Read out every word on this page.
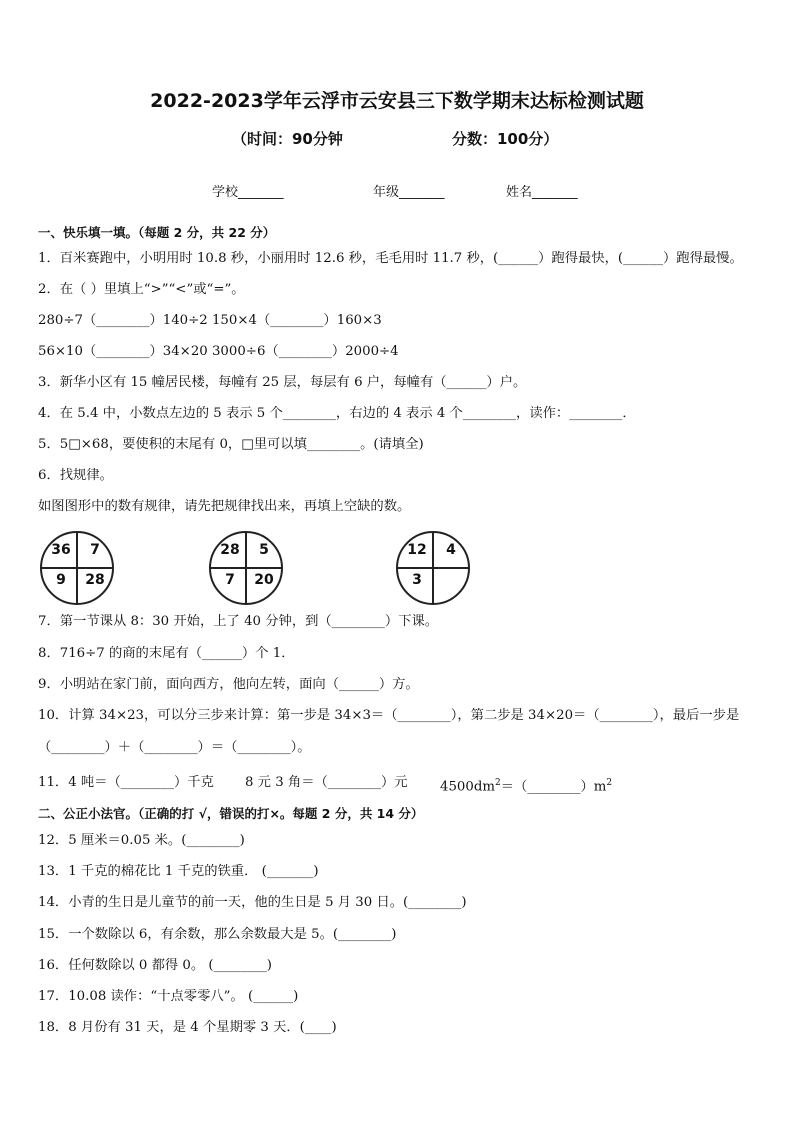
2022-2023学年云浮市云安县三下数学期末达标检测试题
（时间：90分钟	分数：100分）
学校_______	年级_______	姓名_______
一、快乐填一填。（每题 2 分，共 22 分）
1．百米赛跑中，小明用时 10.8 秒，小丽用时 12.6 秒，毛毛用时 11.7 秒，(______）跑得最快，(______）跑得最慢。
2．在（ ）里填上“>”“<”或“=”。
280÷7（________）140÷2 150×4（________）160×3
56×10（________）34×20 3000÷6（________）2000÷4
3．新华小区有 15 幢居民楼，每幢有 25 层，每层有 6 户，每幢有（______）户。
4．在 5.4 中，小数点左边的 5 表示 5 个________，右边的 4 表示 4 个________，读作：________．
5．5□×68，要使积的末尾有 0，□里可以填________。(请填全)
6．找规律。
如图图形中的数有规律，请先把规律找出来，再填上空缺的数。
36	7
9	28
28	5
7	20
12	4
3
7．第一节课从 8：30 开始，上了 40 分钟，到（________）下课。
8．716÷7 的商的末尾有（______）个 1．
9．小明站在家门前，面向西方，他向左转，面向（______）方。
10．计算 34×23，可以分三步来计算：第一步是 34×3＝（________），第二步是 34×20＝（________），最后一步是
（________）＋（________）＝（________）。
11．4 吨＝（________）千克 8 元 3 角＝（________）元 $4500dm^2=(\_\_\_\_\_\_\_\_)m^2$
二、公正小法官。（正确的打 √，错误的打×。每题 2 分，共 14 分）
12．5 厘米＝0.05 米。(________)
13．1 千克的棉花比 1 千克的铁重． (_______)
14．小青的生日是儿童节的前一天，他的生日是 5 月 30 日。(________)
15．一个数除以 6，有余数，那么余数最大是 5。(________)
16．任何数除以 0 都得 0。 (________)
17．10.08 读作：“十点零零八”。 (______)
18．8 月份有 31 天，是 4 个星期零 3 天．(____)
